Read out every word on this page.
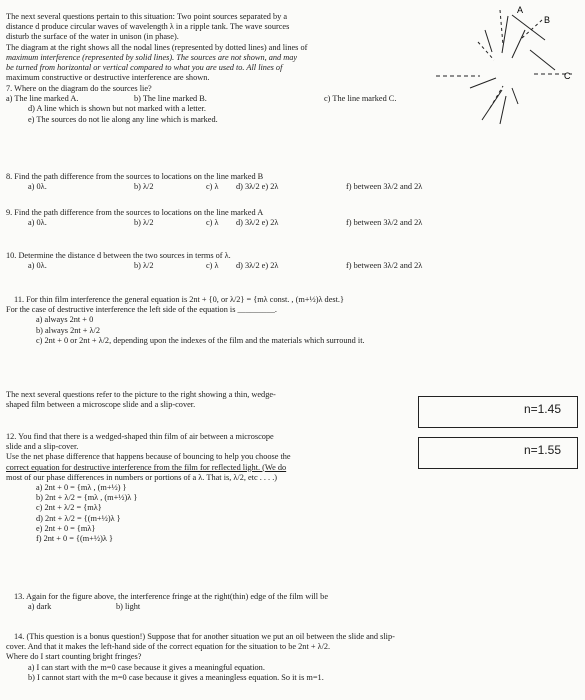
The next several questions pertain to this situation: Two point sources separated by a
distance d produce circular waves of wavelength λ in a ripple tank. The wave sources
disturb the surface of the water in unison (in phase).
The diagram at the right shows all the nodal lines (represented by dotted lines) and lines of
maximum interference (represented by solid lines). The sources are not shown, and may
be turned from horizontal or vertical compared to what you are used to. All lines of
maximum constructive or destructive interference are shown.
A
B
C
7. Where on the diagram do the sources lie?
a) The line marked A.	b) The line marked B.	c) The line marked C.
d) A line which is shown but not marked with a letter.
e) The sources do not lie along any line which is marked.
8. Find the path difference from the sources to locations on the line marked B
a) 0λ.	b) λ/2	c) λ d) 3λ/2 e) 2λ	f) between 3λ/2 and 2λ
9. Find the path difference from the sources to locations on the line marked A
a) 0λ.	b) λ/2	c) λ d) 3λ/2 e) 2λ	f) between 3λ/2 and 2λ
10. Determine the distance d between the two sources in terms of λ.
a) 0λ.	b) λ/2	c) λ d) 3λ/2 e) 2λ	f) between 3λ/2 and 2λ
11. For thin film interference the general equation is 2nt + {0, or λ/2} = {mλ const. , (m+½)λ dest.}
For the case of destructive interference the left side of the equation is _________.
a) always 2nt + 0
b) always 2nt + λ/2
c) 2nt + 0 or 2nt + λ/2, depending upon the indexes of the film and the materials which surround it.
The next several questions refer to the picture to the right showing a thin, wedge-
shaped film between a microscope slide and a slip-cover.	n=1.45
n=1.55
12. You find that there is a wedged-shaped thin film of air between a microscope
slide and a slip-cover.
Use the net phase difference that happens because of bouncing to help you choose the
correct equation for destructive interference from the film for reflected light. (We do
most of our phase differences in numbers or portions of a λ. That is, λ/2, etc . . . .)
a) 2nt + 0 = {mλ , (m+½) }
b) 2nt + λ/2 = {mλ , (m+½)λ }
c) 2nt + λ/2 = {mλ}
d) 2nt + λ/2 = {(m+½)λ }
e) 2nt + 0 = {mλ}
f) 2nt + 0 = {(m+½)λ }
13. Again for the figure above, the interference fringe at the right(thin) edge of the film will be
a) dark	b) light
14. (This question is a bonus question!) Suppose that for another situation we put an oil between the slide and slip-
cover. And that it makes the left-hand side of the correct equation for the situation to be 2nt + λ/2.
Where do I start counting bright fringes?
a) I can start with the m=0 case because it gives a meaningful equation.
b) I cannot start with the m=0 case because it gives a meaningless equation. So it is m=1.
